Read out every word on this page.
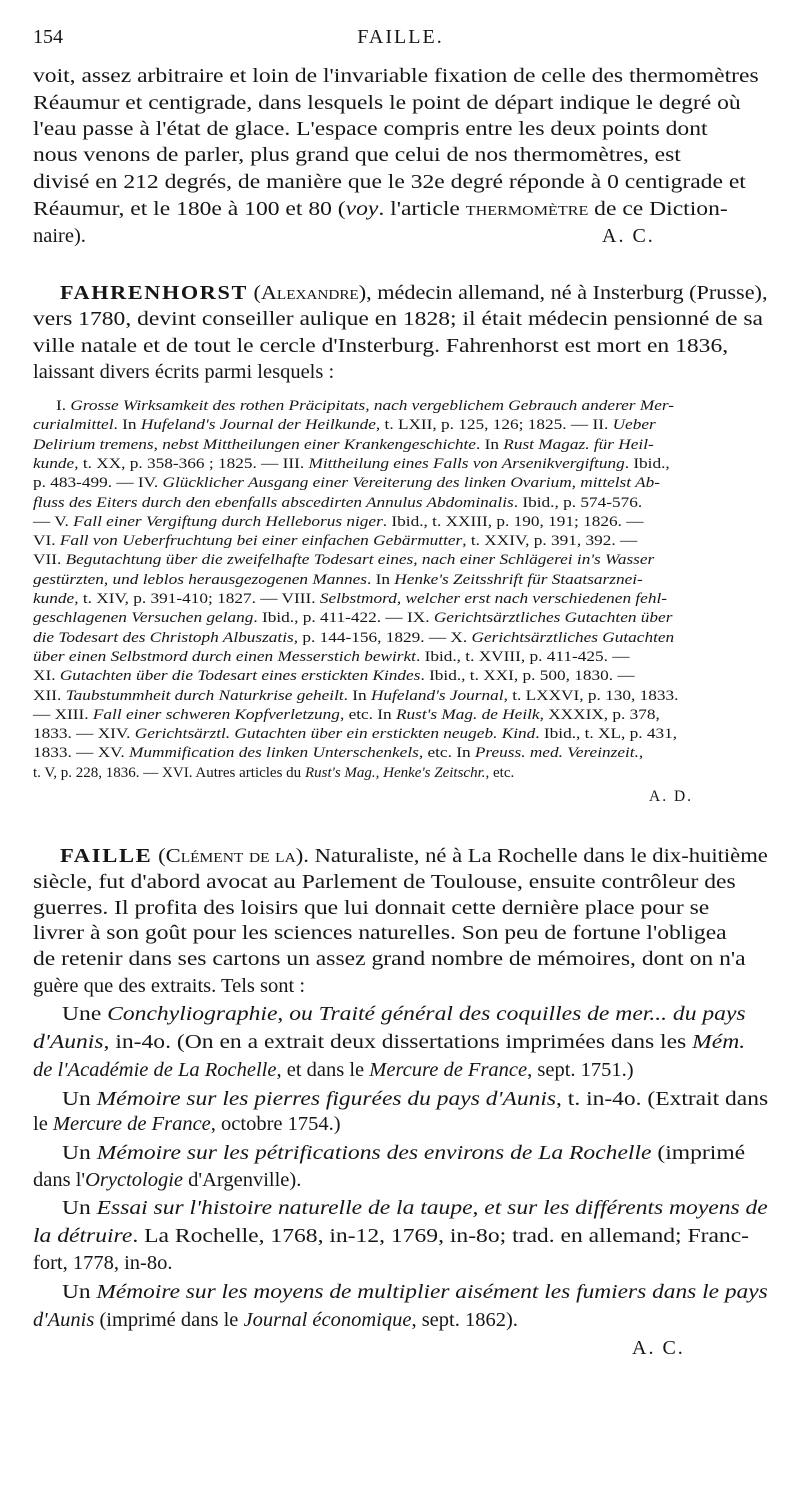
154	FAILLE.
voit, assez arbitraire et loin de l'invariable fixation de celle des thermomètres
Réaumur et centigrade, dans lesquels le point de départ indique le degré où
l'eau passe à l'état de glace. L'espace compris entre les deux points dont
nous venons de parler, plus grand que celui de nos thermomètres, est
divisé en 212 degrés, de manière que le 32e degré réponde à 0 centigrade et
Réaumur, et le 180e à 100 et 80 (voy. l'article thermomètre de ce Diction-
naire).	A. C.
FAHRENHORST (Alexandre), médecin allemand, né à Insterburg (Prusse),
vers 1780, devint conseiller aulique en 1828; il était médecin pensionné de sa
ville natale et de tout le cercle d'Insterburg. Fahrenhorst est mort en 1836,
laissant divers écrits parmi lesquels :
I. Grosse Wirksamkeit des rothen Präcipitats, nach vergeblichem Gebrauch anderer Mer-
curialmittel. In Hufeland's Journal der Heilkunde, t. LXII, p. 125, 126; 1825. — II. Ueber
Delirium tremens, nebst Mittheilungen einer Krankengeschichte. In Rust Magaz. für Heil-
kunde, t. XX, p. 358-366 ; 1825. — III. Mittheilung eines Falls von Arsenikvergiftung. Ibid.,
p. 483-499. — IV. Glücklicher Ausgang einer Vereiterung des linken Ovarium, mittelst Ab-
fluss des Eiters durch den ebenfalls abscedirten Annulus Abdominalis. Ibid., p. 574-576.
— V. Fall einer Vergiftung durch Helleborus niger. Ibid., t. XXIII, p. 190, 191; 1826. —
VI. Fall von Ueberfruchtung bei einer einfachen Gebärmutter, t. XXIV, p. 391, 392. —
VII. Begutachtung über die zweifelhafte Todesart eines, nach einer Schlägerei in's Wasser
gestürzten, und leblos herausgezogenen Mannes. In Henke's Zeitsshrift für Staatsarznei-
kunde, t. XIV, p. 391-410; 1827. — VIII. Selbstmord, welcher erst nach verschiedenen fehl-
geschlagenen Versuchen gelang. Ibid., p. 411-422. — IX. Gerichtsärztliches Gutachten über
die Todesart des Christoph Albuszatis, p. 144-156, 1829. — X. Gerichtsärztliches Gutachten
über einen Selbstmord durch einen Messerstich bewirkt. Ibid., t. XVIII, p. 411-425. —
XI. Gutachten über die Todesart eines erstickten Kindes. Ibid., t. XXI, p. 500, 1830. —
XII. Taubstummheit durch Naturkrise geheilt. In Hufeland's Journal, t. LXXVI, p. 130, 1833.
— XIII. Fall einer schweren Kopfverletzung, etc. In Rust's Mag. de Heilk, XXXIX, p. 378,
1833. — XIV. Gerichtsärztl. Gutachten über ein erstickten neugeb. Kind. Ibid., t. XL, p. 431,
1833. — XV. Mummification des linken Unterschenkels, etc. In Preuss. med. Vereinzeit.,
t. V, p. 228, 1836. — XVI. Autres articles du Rust's Mag., Henke's Zeitschr., etc.
A. D.
FAILLE (Clément de la). Naturaliste, né à La Rochelle dans le dix-huitième
siècle, fut d'abord avocat au Parlement de Toulouse, ensuite contrôleur des
guerres. Il profita des loisirs que lui donnait cette dernière place pour se
livrer à son goût pour les sciences naturelles. Son peu de fortune l'obligea
de retenir dans ses cartons un assez grand nombre de mémoires, dont on n'a
guère que des extraits. Tels sont :
Une Conchyliographie, ou Traité général des coquilles de mer... du pays
d'Aunis, in-4o. (On en a extrait deux dissertations imprimées dans les Mém.
de l'Académie de La Rochelle, et dans le Mercure de France, sept. 1751.)
Un Mémoire sur les pierres figurées du pays d'Aunis, t. in-4o. (Extrait dans
le Mercure de France, octobre 1754.)
Un Mémoire sur les pétrifications des environs de La Rochelle (imprimé
dans l'Oryctologie d'Argenville).
Un Essai sur l'histoire naturelle de la taupe, et sur les différents moyens de
la détruire. La Rochelle, 1768, in-12, 1769, in-8o; trad. en allemand; Franc-
fort, 1778, in-8o.
Un Mémoire sur les moyens de multiplier aisément les fumiers dans le pays
d'Aunis (imprimé dans le Journal économique, sept. 1862).
A. C.
